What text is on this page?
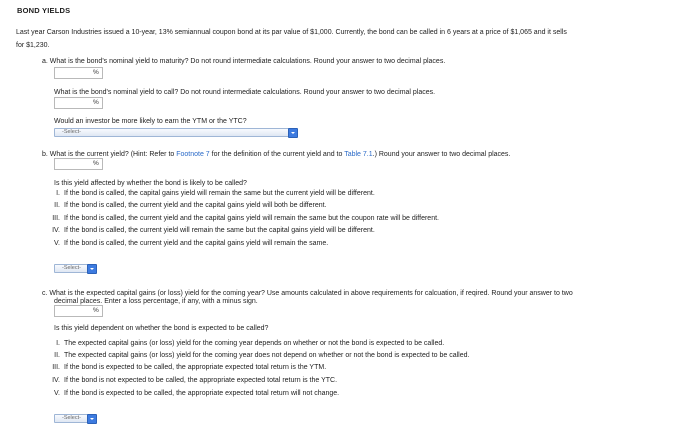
BOND YIELDS
Last year Carson Industries issued a 10-year, 13% semiannual coupon bond at its par value of $1,000. Currently, the bond can be called in 6 years at a price of $1,065 and it sells
for $1,230.
a. What is the bond's nominal yield to maturity? Do not round intermediate calculations. Round your answer to two decimal places.
%
What is the bond's nominal yield to call? Do not round intermediate calculations. Round your answer to two decimal places.
%
Would an investor be more likely to earn the YTM or the YTC?
-Select-
b. What is the current yield? (Hint: Refer to Footnote 7 for the definition of the current yield and to Table 7.1.) Round your answer to two decimal places.
%
Is this yield affected by whether the bond is likely to be called?
I. If the bond is called, the capital gains yield will remain the same but the current yield will be different.
II. If the bond is called, the current yield and the capital gains yield will both be different.
III. If the bond is called, the current yield and the capital gains yield will remain the same but the coupon rate will be different.
IV. If the bond is called, the current yield will remain the same but the capital gains yield will be different.
V. If the bond is called, the current yield and the capital gains yield will remain the same.
-Select-
c. What is the expected capital gains (or loss) yield for the coming year? Use amounts calculated in above requirements for calcuation, if reqired. Round your answer to two
decimal places. Enter a loss percentage, if any, with a minus sign.
%
Is this yield dependent on whether the bond is expected to be called?
I. The expected capital gains (or loss) yield for the coming year depends on whether or not the bond is expected to be called.
II. The expected capital gains (or loss) yield for the coming year does not depend on whether or not the bond is expected to be called.
III. If the bond is expected to be called, the appropriate expected total return is the YTM.
IV. If the bond is not expected to be called, the appropriate expected total return is the YTC.
V. If the bond is expected to be called, the appropriate expected total return will not change.
-Select-
